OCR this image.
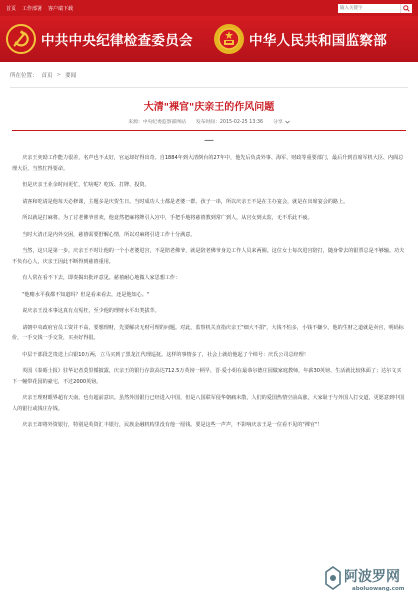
首页 工作部署 客户端下载
输入关键字
中共中央纪律检查委员会	中华人民共和国监察部
所在位置： 首页 > 要闻
大清"裸官"庆亲王的作风问题
来源：中央纪委监察部网站 发布时间：2015-02-25 13:36 分享
—

庆亲王奕劻工作能力很差，名声也不太好，官运却好得出奇。自1884年到大清倒台的27年中，他先后负责外事、海军、财政等重要部门，最后升到首席军机大臣、内阁总理大臣，当然忙得要命。

但是庆亲王业余时间更忙，忙啥呢？吃饭、打牌、投资。

请客和吃请是他每天必修课，主题多是庆贺生日。当时成功人士都是老婆一群、孩子一串，所以庆亲王不是在主办宴会，就是在出席宴会的路上。

所以就是打麻将。为了讨老佛爷喜欢，他竟然把麻将牌引入宫中，手把手地将慈禧教到常广到人，从宫女到太监，无不乐此不疲。

当时大清正是内外交困，慈禧需要舒解心情，所以对麻将引进工作十分满意。

当然，这只是第一步。庆亲王不时让他的一个小老婆进宫，不是陪老佛爷，就是陪老佛爷身边工作人员来两圈。这位女士每次进宫陪打，随身带去的银票总是不够输。功夫不负有心人，庆亲王因此不断得到慈禧重用。

有人常在看不下去，即奏揭出批评意见。慈禧耐心地做人家思想工作：

"他赌水平我都不知道吗？但是看来看去，还是他知心。"

说庆亲王没本事这真有点冤枉，至少他的理财水平出类拔萃。

请朝中央政府官员工资并不高，要想理财，先要解决无财可理的问题。对此，监察机关直指庆亲王"细大不捐"，大钱不怕多，小钱不嫌少。他的生财之道就是卖官，明码标价，一手交钱一手交货，买卖好得很。

中层干部段芝贵送上白银10万两，立马买到了黑龙江代理巡抚。这样的事情多了，社会上就给他起了个绰号：庆氏公司总经理！

英国《泰晤士报》驻华记者莫里循披露，庆亲王的银行存款高达712.5万英镑一柄早，晋·爱小姐在最恭尔德庄园做家庭教师，年薪30英镑，生活就比较体面了；达尔文买下一幢带花园的豪宅，不过2000英镑。

庆亲王理财眼界超有天南，也有超前意识。虽然外国银行已经进入中国，但是八国联军侵华朝痛未散，人们的爱国热情空前高涨，大家耻于与外国人打交道，更愿意到中国人的银行或钱庄存钱。

庆亲王却将外资银行，特别是英资汇丰银行，民族金融机构里没有他一厘钱。要是这些一声声，不影响庆亲王是一位看不见的"裸官"！

阿波罗网
aboluowang.com
